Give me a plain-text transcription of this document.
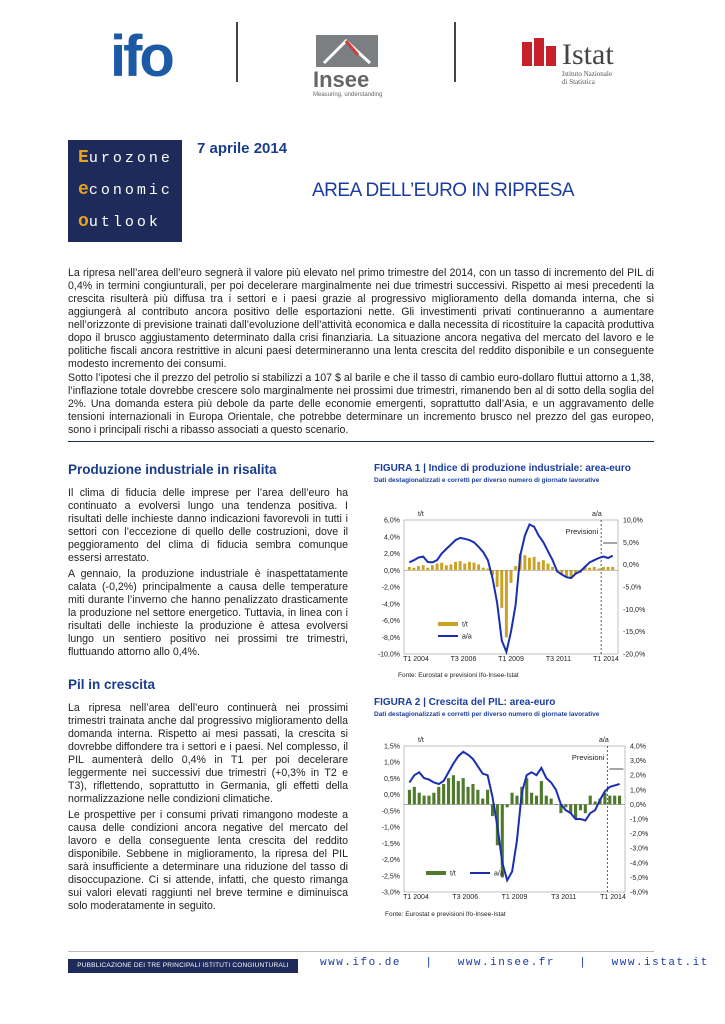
ifo	Insee
Measuring, understanding
Istat
Istituto Nazionale
di Statistica
Eurozone
economic
outlook
7 aprile 2014
AREA DELL’EURO IN RIPRESA

La ripresa nell’area dell’euro segnerà il valore più elevato nel primo trimestre del 2014, con un tasso di incremento del PIL di 0,4% in termini congiunturali, per poi decelerare marginalmente nei due trimestri successivi. Rispetto ai mesi precedenti la crescita risulterà più diffusa tra i settori e i paesi grazie al progressivo miglioramento della domanda interna, che si aggiungerà al contributo ancora positivo delle esportazioni nette. Gli investimenti privati continueranno a aumentare nell’orizzonte di previsione trainati dall’evoluzione dell’attività economica e dalla necessita di ricostituire la capacità produttiva dopo il brusco aggiustamento determinato dalla crisi finanziaria. La situazione ancora negativa del mercato del lavoro e le politiche fiscali ancora restrittive in alcuni paesi determineranno una lenta crescita del reddito disponibile e un conseguente modesto incremento dei consumi.

Sotto l’ipotesi che il prezzo del petrolio si stabilizzi a 107 $ al barile e che il tasso di cambio euro-dollaro fluttui attorno a 1,38, l’inflazione totale dovrebbe crescere solo marginalmente nei prossimi due trimestri, rimanendo ben al di sotto della soglia del 2%. Una domanda estera più debole da parte delle economie emergenti, soprattutto dall’Asia, e un aggravamento delle tensioni internazionali in Europa Orientale, che potrebbe determinare un incremento brusco nel prezzo del gas europeo, sono i principali rischi a ribasso associati a questo scenario.

Produzione industriale in risalita

Il clima di fiducia delle imprese per l’area dell’euro ha continuato a evolversi lungo una tendenza positiva. I risultati delle inchieste danno indicazioni favorevoli in tutti i settori con l’eccezione di quello delle costruzioni, dove il peggioramento del clima di fiducia sembra comunque essersi arrestato.

A gennaio, la produzione industriale è inaspettatamente calata (-0,2%) principalmente a causa delle temperature miti durante l’inverno che hanno penalizzato drasticamente la produzione nel settore energetico. Tuttavia, in linea con i risultati delle inchieste la produzione è attesa evolversi lungo un sentiero positivo nei prossimi tre trimestri, fluttuando attorno allo 0,4%.

Pil in crescita

La ripresa nell’area dell’euro continuerà nei prossimi trimestri trainata anche dal progressivo miglioramento della domanda interna. Rispetto ai mesi passati, la crescita si dovrebbe diffondere tra i settori e i paesi. Nel complesso, il PIL aumenterà dello 0,4% in T1 per poi decelerare leggermente nei successivi due trimestri (+0,3% in T2 e T3), riflettendo, soprattutto in Germania, gli effetti della normalizzazione nelle condizioni climatiche.

Le prospettive per i consumi privati rimangono modeste a causa delle condizioni ancora negative del mercato del lavoro e della conseguente lenta crescita del reddito disponibile. Sebbene in miglioramento, la ripresa del PIL sarà insufficiente a determinare una riduzione del tasso di disoccupazione. Ci si attende, infatti, che questo rimanga sui valori elevati raggiunti nel breve termine e diminuisca solo moderatamente in seguito.

FIGURA 1 | Indice di produzione industriale: area-euro
Dati destagionalizzati e corretti per diverso numero di giornate lavorative
6,0%
4,0%
2,0%
0,0%
-2,0%
-4,0%
-6,0%
-8,0%
-10,0%
10,0%
5,0%
0,0%
-5,0%
-10,0%
-15,0%
-20,0%
Previsioni
t/t	a/a
T1 2004	T3 2006	T1 2009	T3 2011	T1 2014
t/t
a/a
Fonte: Eurostat e previsioni Ifo-Insee-Istat
FIGURA 2 | Crescita del PIL: area-euro
Dati destagionalizzati e corretti per diverso numero di giornate lavorative
1,5%
1,0%
0,5%
0,0%
-0,5%
-1,0%
-1,5%
-2,0%
-2,5%
-3,0%
4,0%
3,0%
2,0%
1,0%
0,0%
-1,0%
-2,0%
-3,0%
-4,0%
-5,0%
-6,0%
Previsioni
t/t	a/a
T1 2004	T3 2006	T1 2009	T3 2011	T1 2014
t/t	a/a
Fonte: Eurostat e previsioni Ifo-Insee-Istat
PUBBLICAZIONE DEI TRE PRINCIPALI ISTITUTI CONGIUNTURALI EUROPEI
www.ifo.de   |   www.insee.fr   |   www.istat.it
